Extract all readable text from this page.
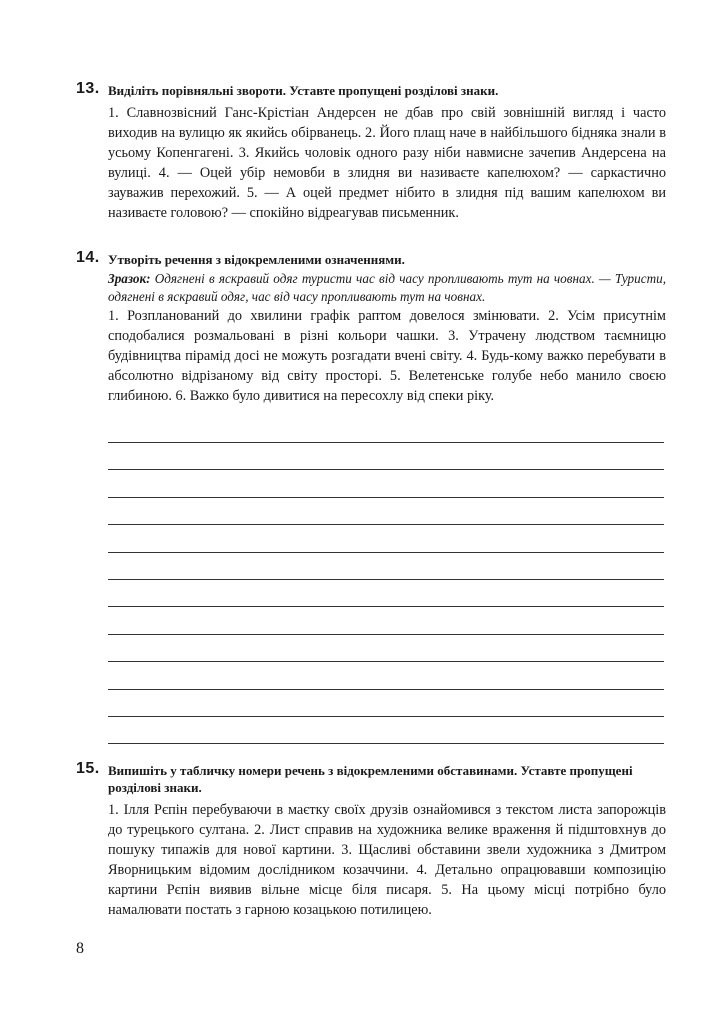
13. Виділіть порівняльні звороти. Уставте пропущені розділові знаки.
1. Славнозвісний Ганс-Крістіан Андерсен не дбав про свій зовнішній вигляд і часто виходив на вулицю як якийсь обірванець. 2. Його плащ наче в найбільшого бідняка знали в усьому Копенгагені. 3. Якийсь чоловік одного разу ніби навмисне зачепив Андерсена на вулиці. 4. — Оцей убір немовби в злидня ви називаєте капелюхом? — саркастично зауважив перехожий. 5. — А оцей предмет нібито в злидня під вашим капелюхом ви називаєте головою? — спокійно відреагував письменник.
14. Утворіть речення з відокремленими означеннями.
Зразок: Одягнені в яскравий одяг туристи час від часу пропливають тут на човнах. — Туристи, одягнені в яскравий одяг, час від часу пропливають тут на човнах.
1. Розпланований до хвилини графік раптом довелося змінювати. 2. Усім присутнім сподобалися розмальовані в різні кольори чашки. 3. Утрачену людством таємницю будівництва пірамід досі не можуть розгадати вчені світу. 4. Будь-кому важко перебувати в абсолютно відрізаному від світу просторі. 5. Велетенське голубе небо манило своєю глибиною. 6. Важко було дивитися на пересохлу від спеки ріку.
15. Випишіть у табличку номери речень з відокремленими обставинами. Уставте пропущені розділові знаки.
1. Ілля Рєпін перебуваючи в маєтку своїх друзів ознайомився з текстом листа запорожців до турецького султана. 2. Лист справив на художника велике враження й підштовхнув до пошуку типажів для нової картини. 3. Щасливі обставини звели художника з Дмитром Яворницьким відомим дослідником козаччини. 4. Детально опрацювавши композицію картини Рєпін виявив вільне місце біля писаря. 5. На цьому місці потрібно було намалювати постать з гарною козацькою потилицею.
8
